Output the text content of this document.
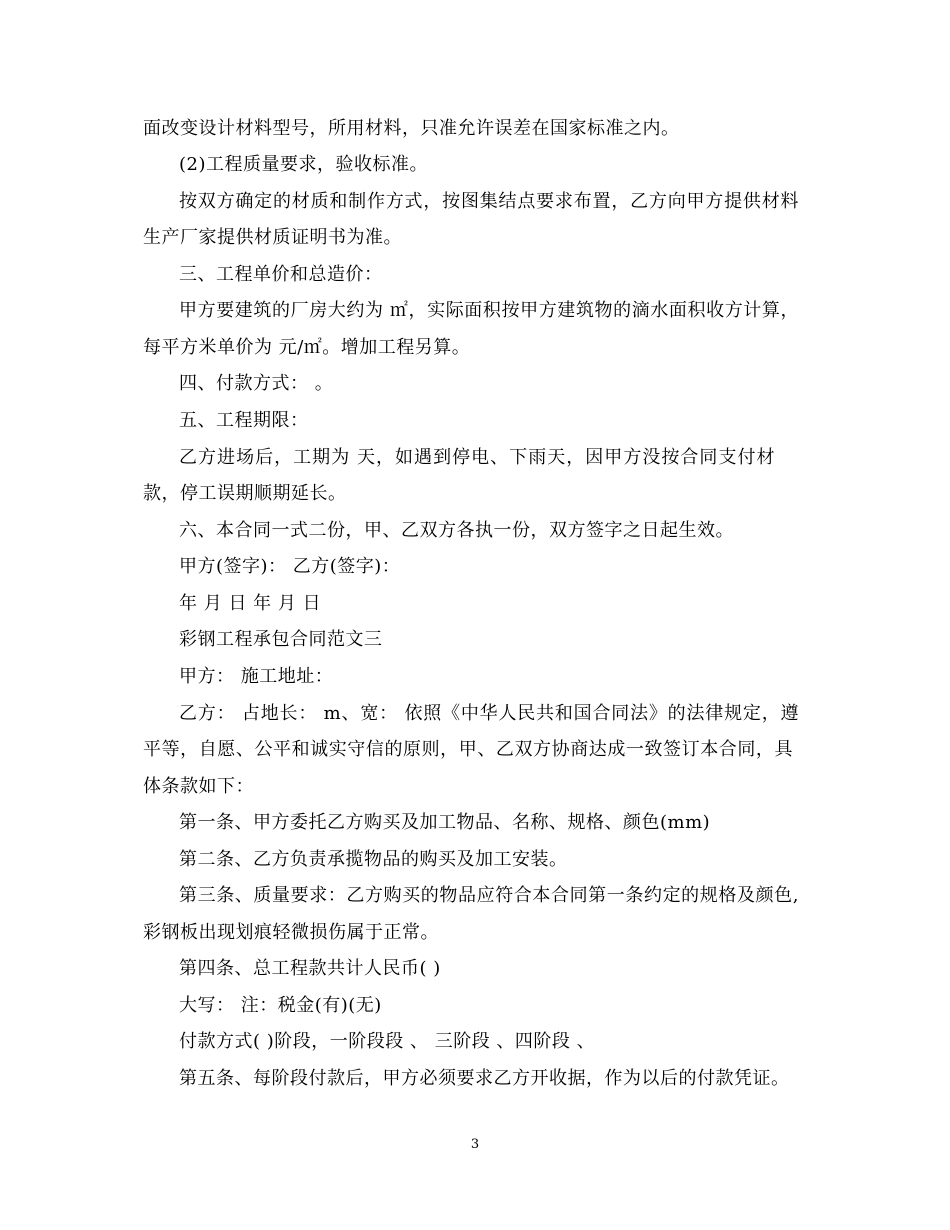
面改变设计材料型号，所用材料，只准允许误差在国家标准之内。
(2)工程质量要求，验收标准。
按双方确定的材质和制作方式，按图集结点要求布置，乙方向甲方提供材料
生产厂家提供材质证明书为准。
三、工程单价和总造价：
甲方要建筑的厂房大约为 ㎡，实际面积按甲方建筑物的滴水面积收方计算，
每平方米单价为 元/㎡。增加工程另算。
四、付款方式： 。
五、工程期限：
乙方进场后，工期为 天，如遇到停电、下雨天，因甲方没按合同支付材
款，停工误期顺期延长。
六、本合同一式二份，甲、乙双方各执一份，双方签字之日起生效。
甲方(签字)： 乙方(签字)：
年 月 日 年 月 日
彩钢工程承包合同范文三
甲方： 施工地址：
乙方： 占地长： m、宽： 依照《中华人民共和国合同法》的法律规定，遵
平等，自愿、公平和诚实守信的原则，甲、乙双方协商达成一致签订本合同，具
体条款如下：
第一条、甲方委托乙方购买及加工物品、名称、规格、颜色(mm)
第二条、乙方负责承揽物品的购买及加工安装。
第三条、质量要求：乙方购买的物品应符合本合同第一条约定的规格及颜色,
彩钢板出现划痕轻微损伤属于正常。
第四条、总工程款共计人民币( )
大写： 注：税金(有)(无)
付款方式( )阶段，一阶段段 、 三阶段 、四阶段 、
第五条、每阶段付款后，甲方必须要求乙方开收据，作为以后的付款凭证。
3
